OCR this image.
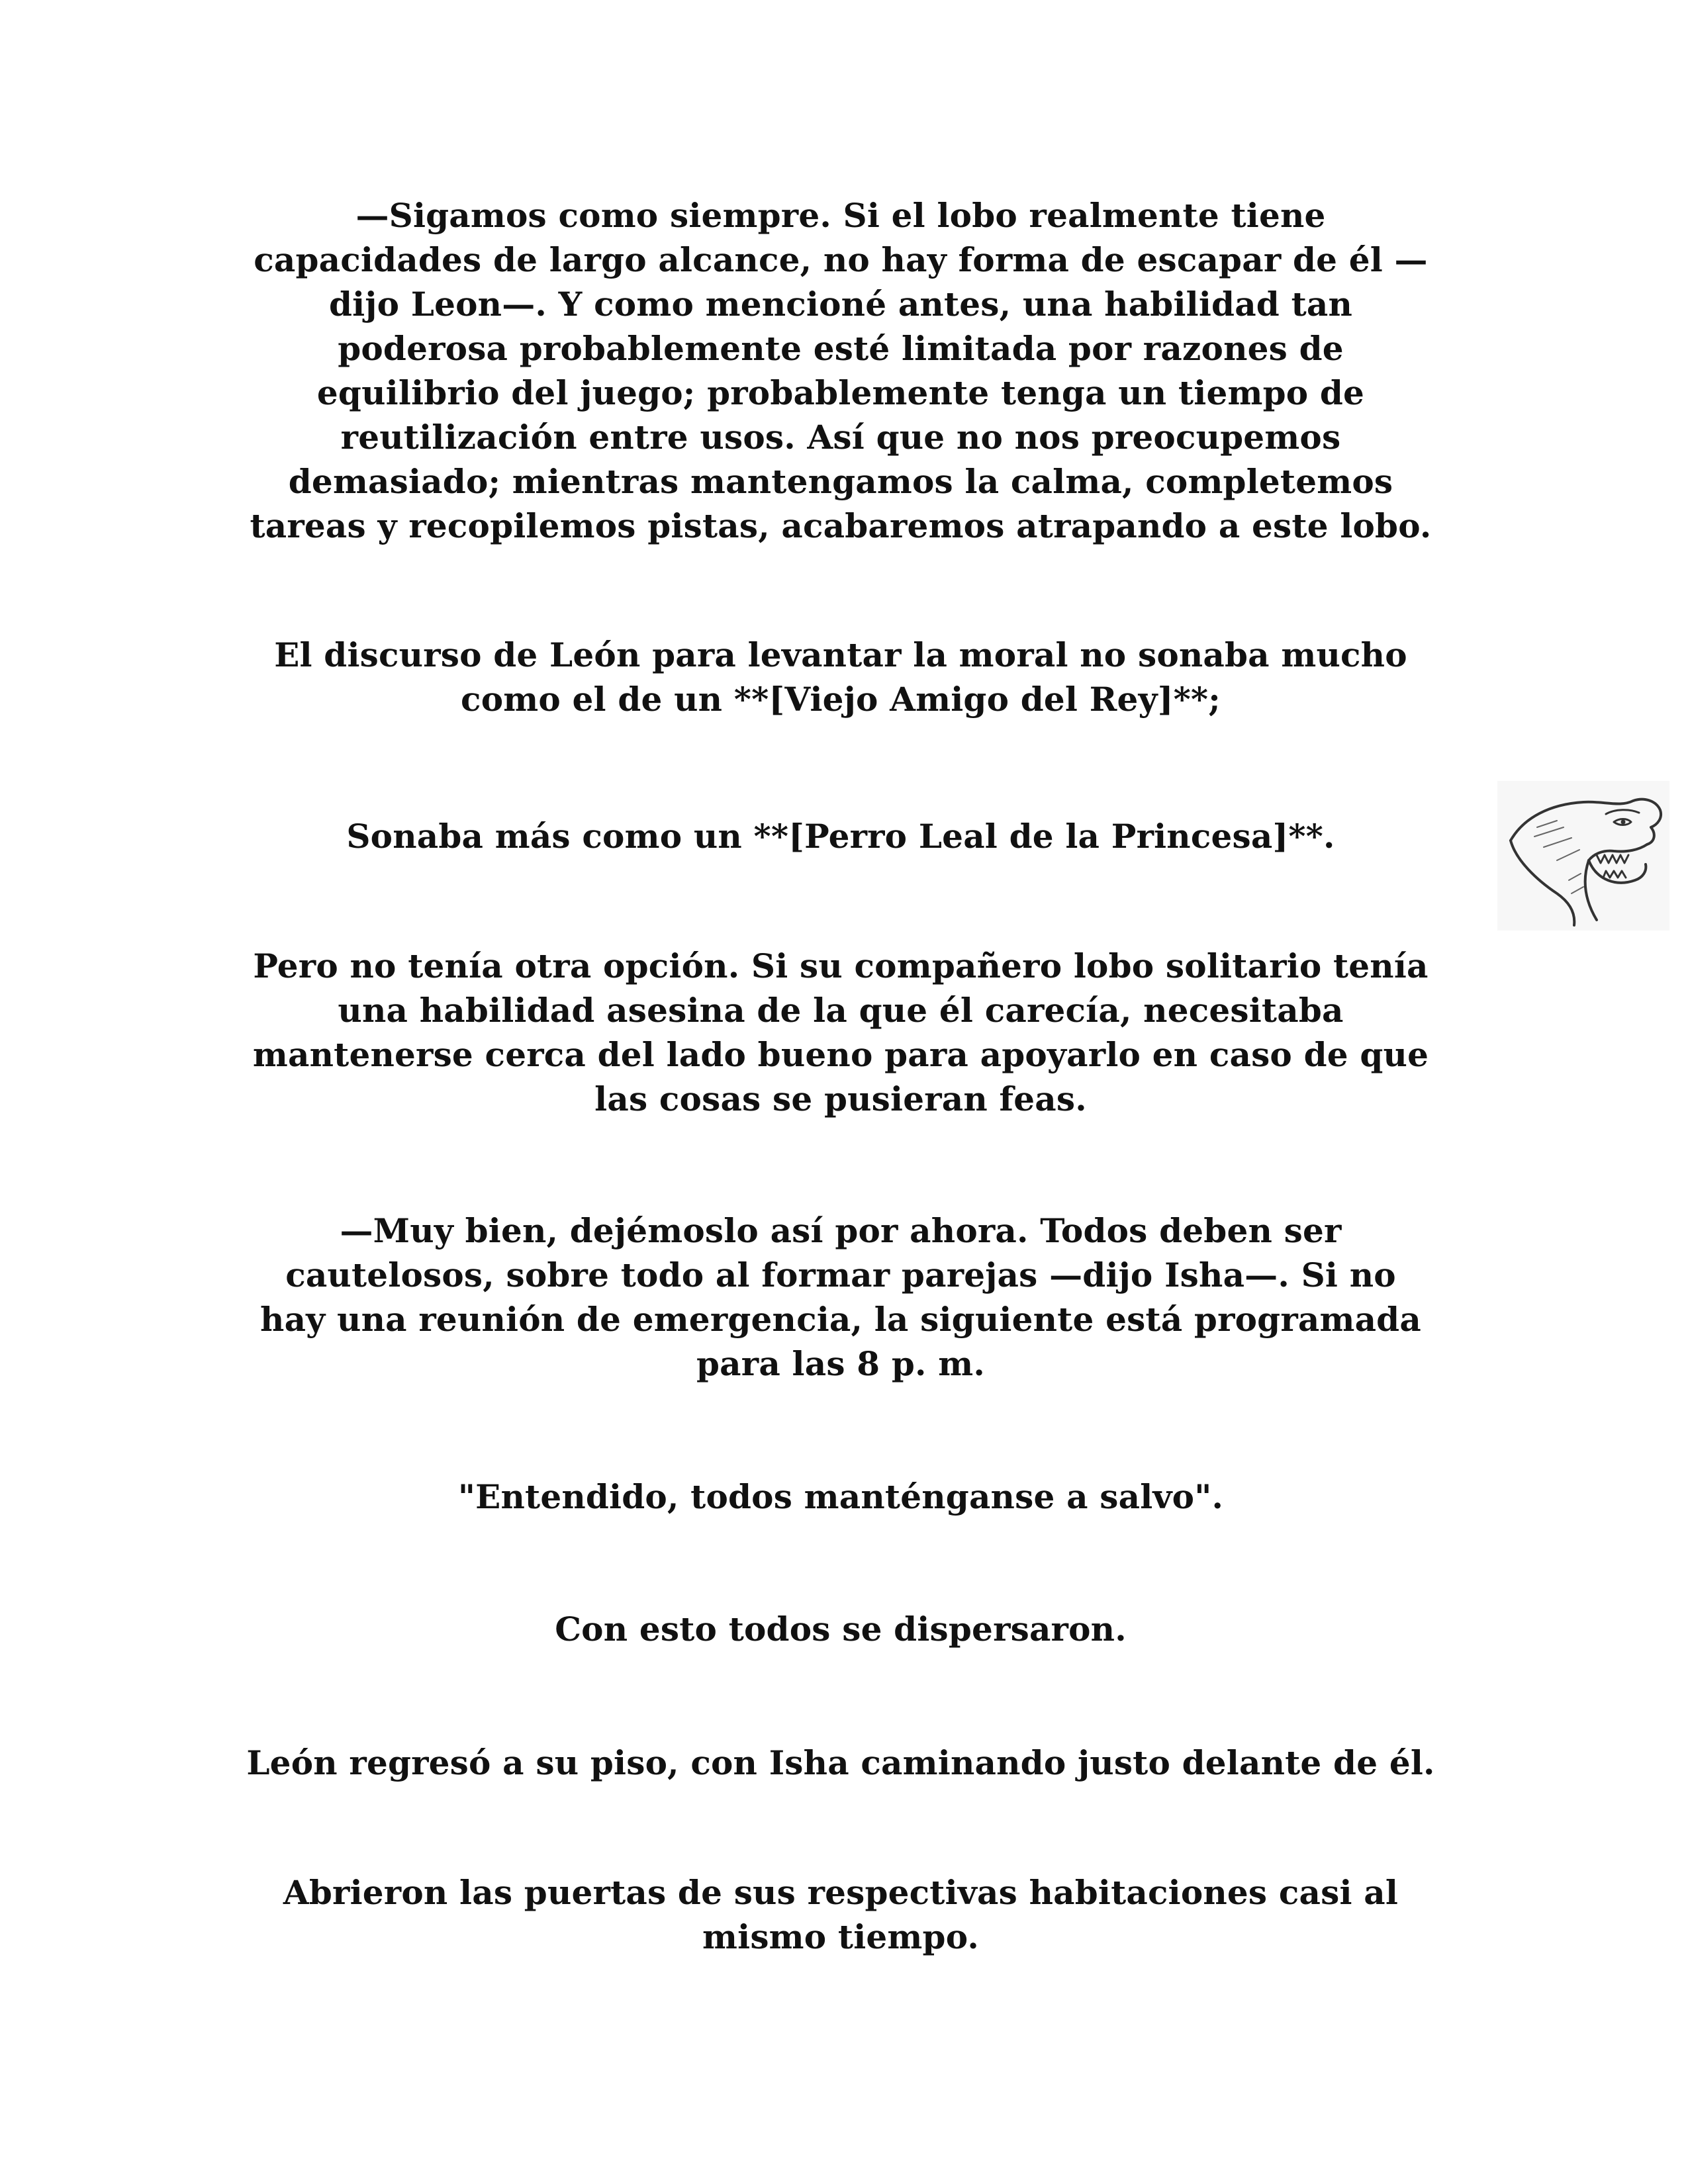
—Sigamos como siempre. Si el lobo realmente tiene
capacidades de largo alcance, no hay forma de escapar de él —
dijo Leon—. Y como mencioné antes, una habilidad tan
poderosa probablemente esté limitada por razones de
equilibrio del juego; probablemente tenga un tiempo de
reutilización entre usos. Así que no nos preocupemos
demasiado; mientras mantengamos la calma, completemos
tareas y recopilemos pistas, acabaremos atrapando a este lobo.

El discurso de León para levantar la moral no sonaba mucho
como el de un **[Viejo Amigo del Rey]**;

Sonaba más como un **[Perro Leal de la Princesa]**.

Pero no tenía otra opción. Si su compañero lobo solitario tenía
una habilidad asesina de la que él carecía, necesitaba
mantenerse cerca del lado bueno para apoyarlo en caso de que
las cosas se pusieran feas.

—Muy bien, dejémoslo así por ahora. Todos deben ser
cautelosos, sobre todo al formar parejas —dijo Isha—. Si no
hay una reunión de emergencia, la siguiente está programada
para las 8 p. m.

"Entendido, todos manténganse a salvo".

Con esto todos se dispersaron.

León regresó a su piso, con Isha caminando justo delante de él.

Abrieron las puertas de sus respectivas habitaciones casi al
mismo tiempo.
